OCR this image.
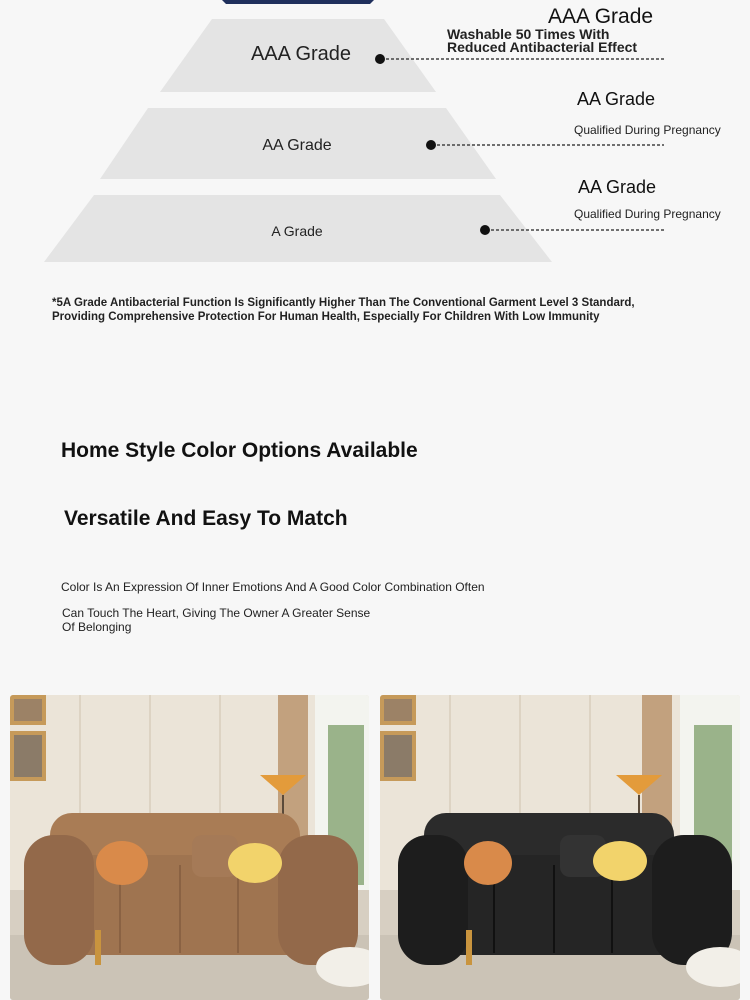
AAA Grade
AA Grade
A Grade
AAA Grade
Washable 50 Times With
Reduced Antibacterial Effect
AA Grade
Qualified During Pregnancy
AA Grade
Qualified During Pregnancy
*5A Grade Antibacterial Function Is Significantly Higher Than The Conventional Garment Level 3 Standard,
Providing Comprehensive Protection For Human Health, Especially For Children With Low Immunity
Home Style Color Options Available
Versatile And Easy To Match
Color Is An Expression Of Inner Emotions And A Good Color Combination Often
Can Touch The Heart, Giving The Owner A Greater Sense
Of Belonging
